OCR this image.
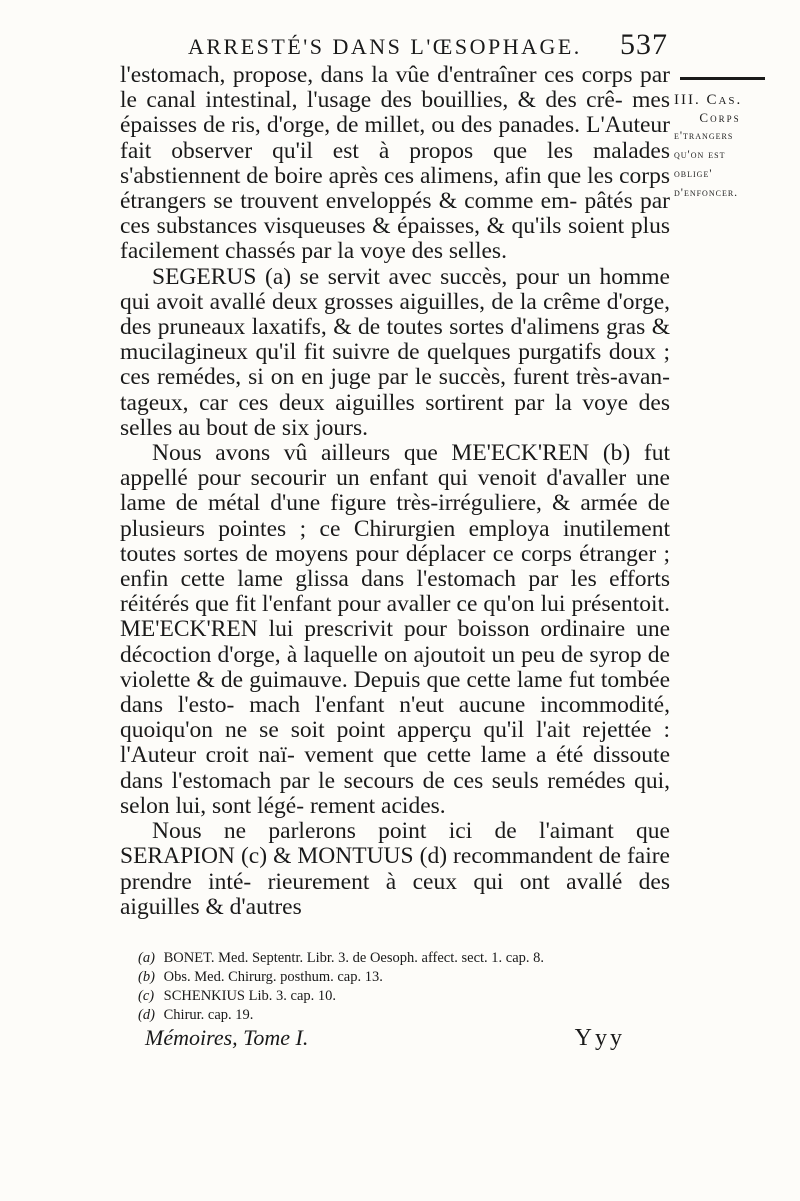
ARRESTÉ'S DANS L'ŒSOPHAGE. 537
III. Cas.
Corps
e'trangers
qu'on est
oblige'
d'enfoncer.

l'estomach, propose, dans la vûe d'entraîner ces corps par le canal intestinal, l'usage des bouillies, & des crê- mes épaisses de ris, d'orge, de millet, ou des panades. L'Auteur fait observer qu'il est à propos que les malades s'abstiennent de boire après ces alimens, afin que les corps étrangers se trouvent enveloppés & comme em- pâtés par ces substances visqueuses & épaisses, & qu'ils soient plus facilement chassés par la voye des selles.

SEGERUS (a) se servit avec succès, pour un homme qui avoit avallé deux grosses aiguilles, de la crême d'orge, des pruneaux laxatifs, & de toutes sortes d'alimens gras & mucilagineux qu'il fit suivre de quelques purgatifs doux ; ces remédes, si on en juge par le succès, furent très-avan- tageux, car ces deux aiguilles sortirent par la voye des selles au bout de six jours.

Nous avons vû ailleurs que ME'ECK'REN (b) fut appellé pour secourir un enfant qui venoit d'avaller une lame de métal d'une figure très-irréguliere, & armée de plusieurs pointes ; ce Chirurgien employa inutilement toutes sortes de moyens pour déplacer ce corps étranger ; enfin cette lame glissa dans l'estomach par les efforts réitérés que fit l'enfant pour avaller ce qu'on lui présentoit. ME'ECK'REN lui prescrivit pour boisson ordinaire une décoction d'orge, à laquelle on ajoutoit un peu de syrop de violette & de guimauve. Depuis que cette lame fut tombée dans l'esto- mach l'enfant n'eut aucune incommodité, quoiqu'on ne se soit point apperçu qu'il l'ait rejettée : l'Auteur croit naï- vement que cette lame a été dissoute dans l'estomach par le secours de ces seuls remédes qui, selon lui, sont légé- rement acides.

Nous ne parlerons point ici de l'aimant que SERAPION (c) & MONTUUS (d) recommandent de faire prendre inté- rieurement à ceux qui ont avallé des aiguilles & d'autres

(a) BONET. Med. Septentr. Libr. 3. de Oesoph. affect. sect. 1. cap. 8.
(b) Obs. Med. Chirurg. posthum. cap. 13.
(c) SCHENKIUS Lib. 3. cap. 10.
(d) Chirur. cap. 19.
Mémoires, Tome I.	Yyy
